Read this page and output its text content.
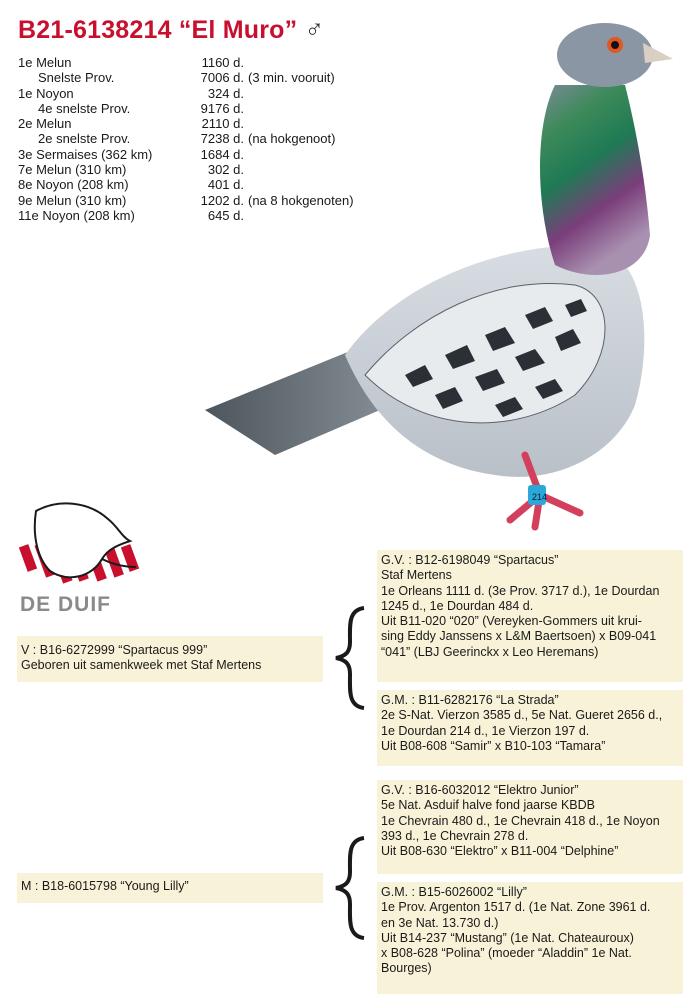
B21-6138214 “El Muro” ♂
1e Melun	1160 d.
Snelste Prov.	7006 d. (3 min. vooruit)
1e Noyon	324 d.
4e snelste Prov.	9176 d.
2e Melun	2110 d.
2e snelste Prov.	7238 d. (na hokgenoot)
3e Sermaises (362 km)	1684 d.
7e Melun (310 km)	302 d.
8e Noyon (208 km)	401 d.
9e Melun (310 km)	1202 d. (na 8 hokgenoten)
11e Noyon (208 km)	645 d.
214

DE DUIF

V : B16-6272999 “Spartacus 999”

Geboren uit samenkweek met Staf Mertens

G.V. : B12-6198049 “Spartacus”

Staf Mertens

1e Orleans 1111 d. (3e Prov. 3717 d.), 1e Dourdan

1245 d., 1e Dourdan 484 d.

Uit B11-020 “020” (Vereyken-Gommers uit krui-

sing Eddy Janssens x L&M Baertsoen) x B09-041

“041” (LBJ Geerinckx x Leo Heremans)

G.M. : B11-6282176 “La Strada”

2e S-Nat. Vierzon 3585 d., 5e Nat. Gueret 2656 d.,

1e Dourdan 214 d., 1e Vierzon 197 d.

Uit B08-608 “Samir” x B10-103 “Tamara”

M : B18-6015798 “Young Lilly”

G.V. : B16-6032012 “Elektro Junior”

5e Nat. Asduif halve fond jaarse KBDB

1e Chevrain 480 d., 1e Chevrain 418 d., 1e Noyon

393 d., 1e Chevrain 278 d.

Uit B08-630 “Elektro” x B11-004 “Delphine”

G.M. : B15-6026002 “Lilly”

1e Prov. Argenton 1517 d. (1e Nat. Zone 3961 d.

en 3e Nat. 13.730 d.)

Uit B14-237 “Mustang” (1e Nat. Chateauroux)

x B08-628 “Polina” (moeder “Aladdin” 1e Nat.

Bourges)
